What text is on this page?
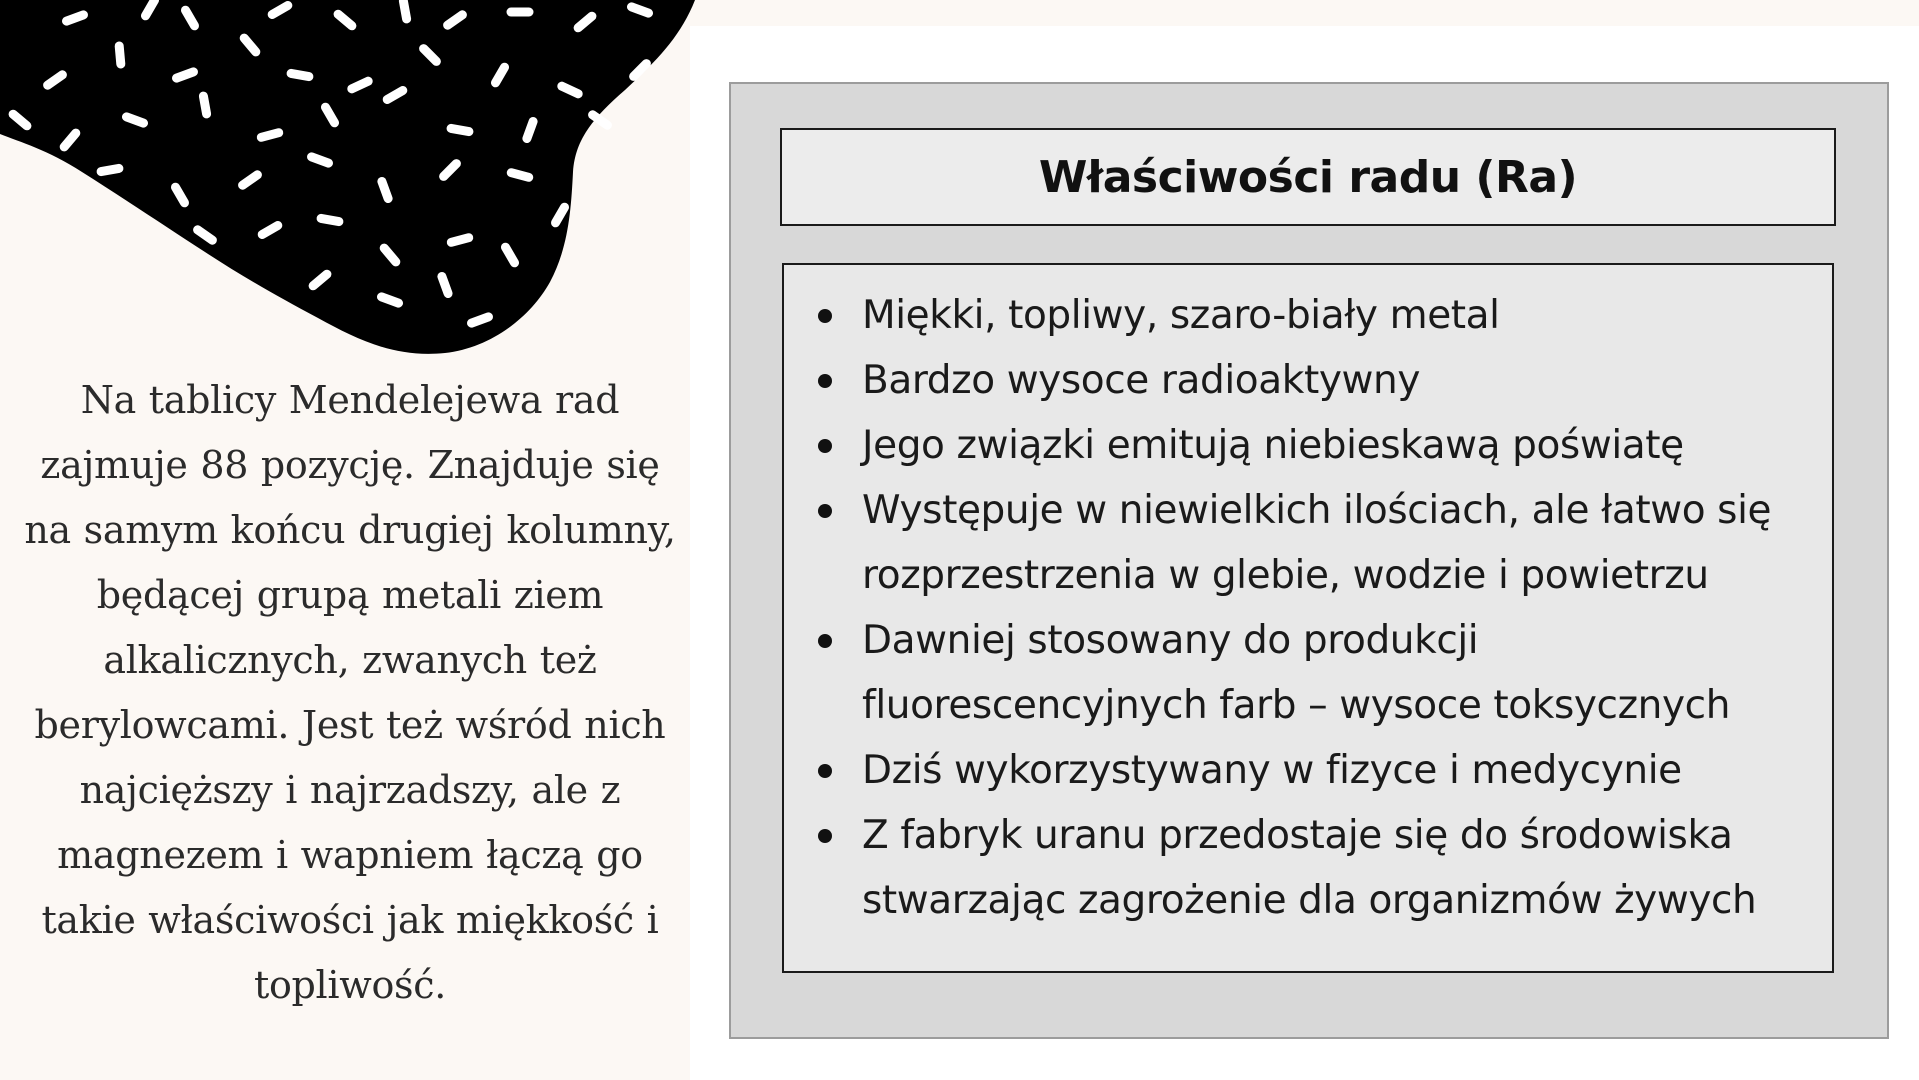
Na tablicy Mendelejewa rad zajmuje 88 pozycję. Znajduje się na samym końcu drugiej kolumny, będącej grupą metali ziem alkalicznych, zwanych też berylowcami. Jest też wśród nich najcięższy i najrzadszy, ale z magnezem i wapniem łączą go takie właściwości jak miękkość i topliwość.

Właściwości radu (Ra)
Miękki, topliwy, szaro-biały metal
Bardzo wysoce radioaktywny
Jego związki emitują niebieskawą poświatę
Występuje w niewielkich ilościach, ale łatwo się rozprzestrzenia w glebie, wodzie i powietrzu
Dawniej stosowany do produkcji fluorescencyjnych farb – wysoce toksycznych
Dziś wykorzystywany w fizyce i medycynie
Z fabryk uranu przedostaje się do środowiska stwarzając zagrożenie dla organizmów żywych
